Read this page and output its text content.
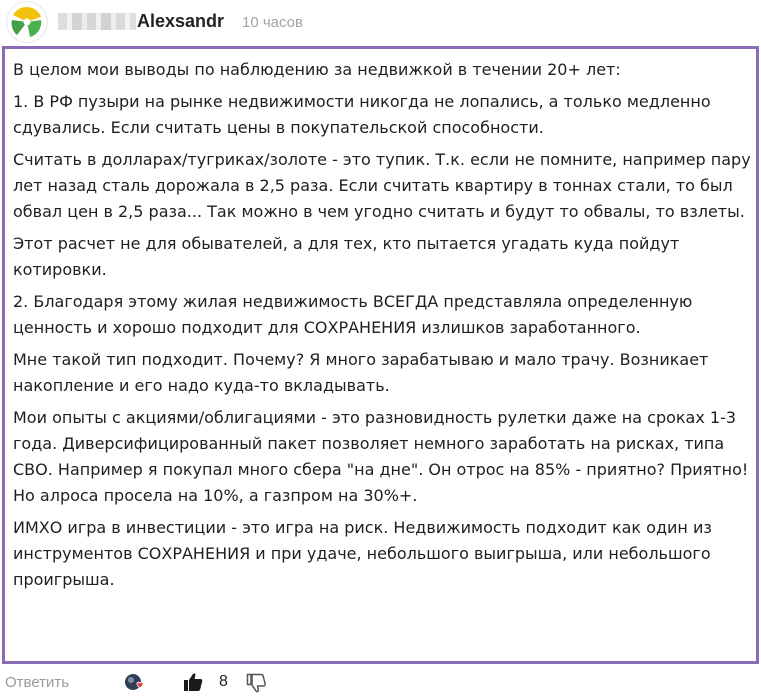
Alexsandr 10 часов

В целом мои выводы по наблюдению за недвижкой в течении 20+ лет:

1. В РФ пузыри на рынке недвижимости никогда не лопались, а только медленно сдувались. Если считать цены в покупательской способности.

Считать в долларах/тугриках/золоте - это тупик. Т.к. если не помните, например пару лет назад сталь дорожала в 2,5 раза. Если считать квартиру в тоннах стали, то был обвал цен в 2,5 раза... Так можно в чем угодно считать и будут то обвалы, то взлеты.

Этот расчет не для обывателей, а для тех, кто пытается угадать куда пойдут котировки.

2. Благодаря этому жилая недвижимость ВСЕГДА представляла определенную ценность и хорошо подходит для СОХРАНЕНИЯ излишков заработанного.

Мне такой тип подходит. Почему? Я много зарабатываю и мало трачу. Возникает накопление и его надо куда-то вкладывать.

Мои опыты с акциями/облигациями - это разновидность рулетки даже на сроках 1-3 года. Диверсифицированный пакет позволяет немного заработать на рисках, типа СВО. Например я покупал много сбера "на дне". Он отрос на 85% - приятно? Приятно! Но алроса просела на 10%, а газпром на 30%+.

ИМХО игра в инвестиции - это игра на риск. Недвижимость подходит как один из инструментов СОХРАНЕНИЯ и при удаче, небольшого выигрыша, или небольшого проигрыша.

Ответить	8
